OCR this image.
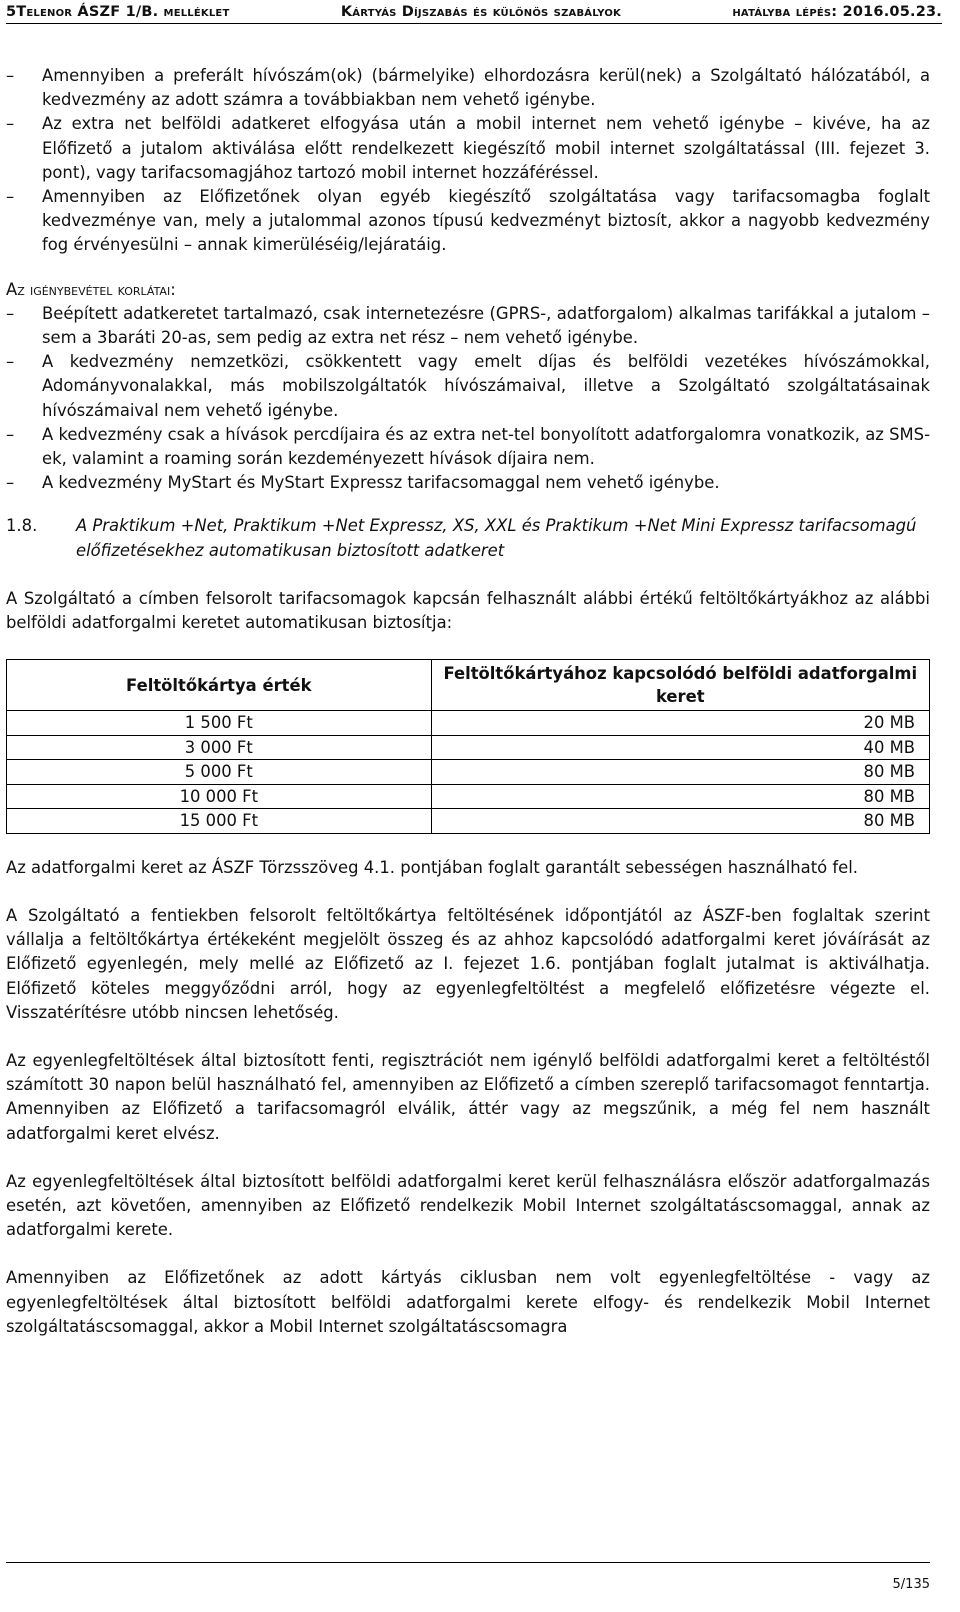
5Telenor ÁSZF 1/B. melléklet	Kártyás Díjszabás és különös szabályok	hatályba lépés: 2016.05.23.
–	Amennyiben a preferált hívószám(ok) (bármelyike) elhordozásra kerül(nek) a Szolgáltató hálózatából, a kedvezmény az adott számra a továbbiakban nem vehető igénybe.
–	Az extra net belföldi adatkeret elfogyása után a mobil internet nem vehető igénybe – kivéve, ha az Előfizető a jutalom aktiválása előtt rendelkezett kiegészítő mobil internet szolgáltatással (III. fejezet 3. pont), vagy tarifacsomagjához tartozó mobil internet hozzáféréssel.
–	Amennyiben az Előfizetőnek olyan egyéb kiegészítő szolgáltatása vagy tarifacsomagba foglalt kedvezménye van, mely a jutalommal azonos típusú kedvezményt biztosít, akkor a nagyobb kedvezmény fog érvényesülni – annak kimerüléséig/lejáratáig.

Az igénybevétel korlátai:

–	Beépített adatkeretet tartalmazó, csak internetezésre (GPRS-, adatforgalom) alkalmas tarifákkal a jutalom – sem a 3baráti 20-as, sem pedig az extra net rész – nem vehető igénybe.
–	A kedvezmény nemzetközi, csökkentett vagy emelt díjas és belföldi vezetékes hívószámokkal, Adományvonalakkal, más mobilszolgáltatók hívószámaival, illetve a Szolgáltató szolgáltatásainak hívószámaival nem vehető igénybe.
–	A kedvezmény csak a hívások percdíjaira és az extra net-tel bonyolított adatforgalomra vonatkozik, az SMS-ek, valamint a roaming során kezdeményezett hívások díjaira nem.
–	A kedvezmény MyStart és MyStart Expressz tarifacsomaggal nem vehető igénybe.
1.8.	A Praktikum +Net, Praktikum +Net Expressz, XS, XXL és Praktikum +Net Mini Expressz tarifacsomagú előfizetésekhez automatikusan biztosított adatkeret

A Szolgáltató a címben felsorolt tarifacsomagok kapcsán felhasznált alábbi értékű feltöltőkártyákhoz az alábbi belföldi adatforgalmi keretet automatikusan biztosítja:

Feltöltőkártya érték	Feltöltőkártyához kapcsolódó belföldi adatforgalmi keret
1 500 Ft	20 MB
3 000 Ft	40 MB
5 000 Ft	80 MB
10 000 Ft	80 MB
15 000 Ft	80 MB

Az adatforgalmi keret az ÁSZF Törzsszöveg 4.1. pontjában foglalt garantált sebességen használható fel.

A Szolgáltató a fentiekben felsorolt feltöltőkártya feltöltésének időpontjától az ÁSZF-ben foglaltak szerint vállalja a feltöltőkártya értékeként megjelölt összeg és az ahhoz kapcsolódó adatforgalmi keret jóváírását az Előfizető egyenlegén, mely mellé az Előfizető az I. fejezet 1.6. pontjában foglalt jutalmat is aktiválhatja. Előfizető köteles meggyőződni arról, hogy az egyenlegfeltöltést a megfelelő előfizetésre végezte el. Visszatérítésre utóbb nincsen lehetőség.

Az egyenlegfeltöltések által biztosított fenti, regisztrációt nem igénylő belföldi adatforgalmi keret a feltöltéstől számított 30 napon belül használható fel, amennyiben az Előfizető a címben szereplő tarifacsomagot fenntartja. Amennyiben az Előfizető a tarifacsomagról elválik, áttér vagy az megszűnik, a még fel nem használt adatforgalmi keret elvész.

Az egyenlegfeltöltések által biztosított belföldi adatforgalmi keret kerül felhasználásra először adatforgalmazás esetén, azt követően, amennyiben az Előfizető rendelkezik Mobil Internet szolgáltatáscsomaggal, annak az adatforgalmi kerete.

Amennyiben az Előfizetőnek az adott kártyás ciklusban nem volt egyenlegfeltöltése - vagy az egyenlegfeltöltések által biztosított belföldi adatforgalmi kerete elfogy- és rendelkezik Mobil Internet szolgáltatáscsomaggal, akkor a Mobil Internet szolgáltatáscsomagra

5/135
